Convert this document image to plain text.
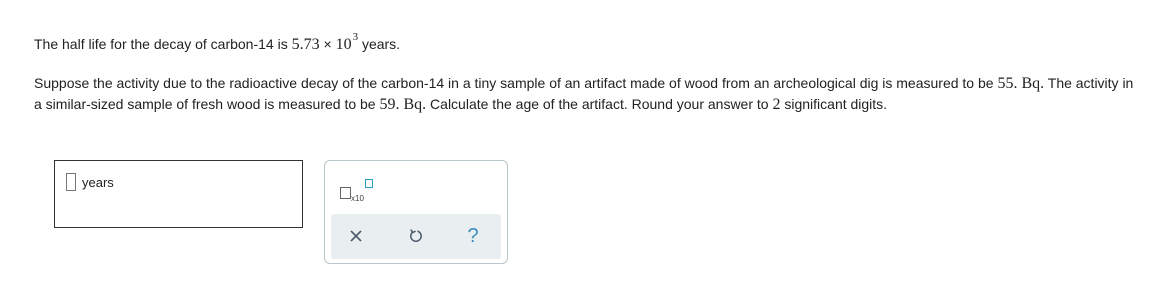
The half life for the decay of carbon-14 is $5.73 \times 10^3$ years.
Suppose the activity due to the radioactive decay of the carbon-14 in a tiny sample of an artifact made of wood from an archeological dig is measured to be 55. Bq. The activity in a similar-sized sample of fresh wood is measured to be 59. Bq. Calculate the age of the artifact. Round your answer to 2 significant digits.
years
x10
?
